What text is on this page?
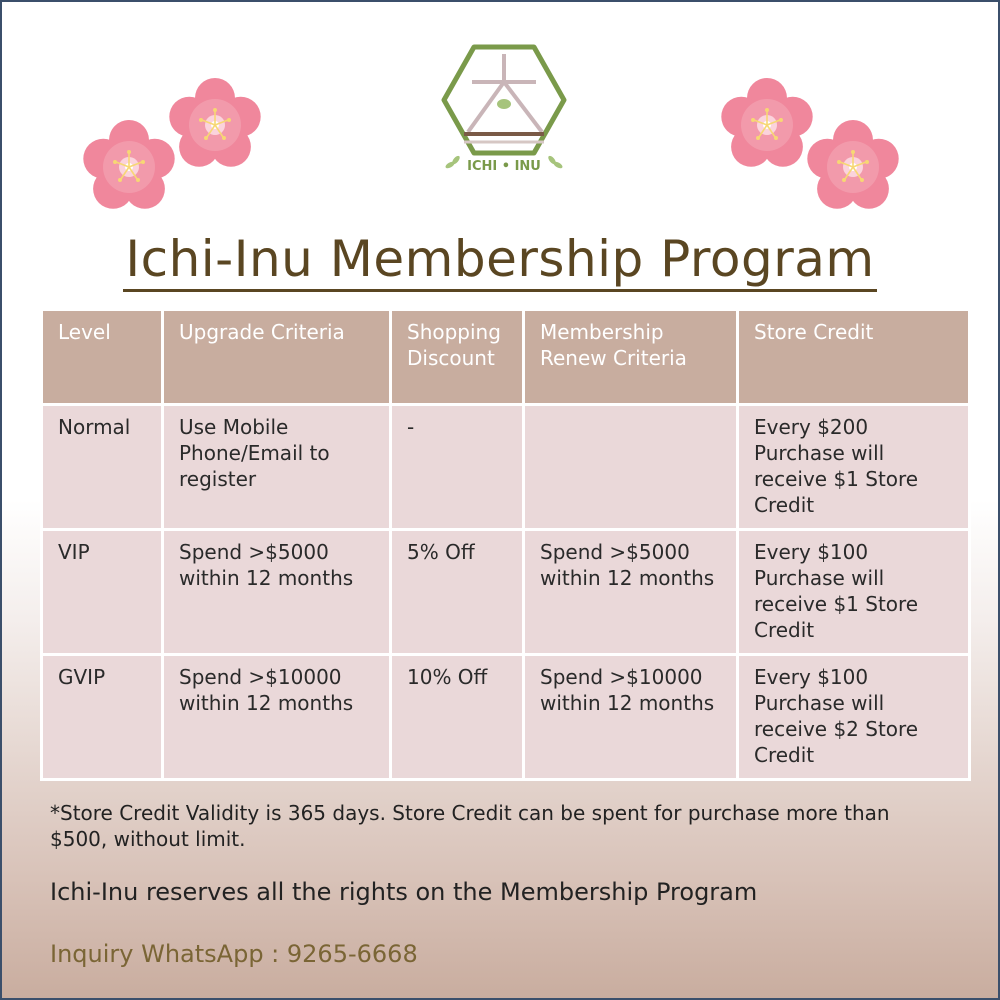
ICHI • INU
Ichi-Inu Membership Program
Level	Upgrade Criteria	Shopping Discount	Membership Renew Criteria	Store Credit
Normal	Use Mobile Phone/Email to register	-		Every $200 Purchase will receive $1 Store Credit
VIP	Spend >$5000 within 12 months	5% Off	Spend >$5000 within 12 months	Every $100 Purchase will receive $1 Store Credit
GVIP	Spend >$10000 within 12 months	10% Off	Spend >$10000 within 12 months	Every $100 Purchase will receive $2 Store Credit
*Store Credit Validity is 365 days. Store Credit can be spent for purchase more than $500, without limit.
Ichi-Inu reserves all the rights on the Membership Program
Inquiry WhatsApp : 9265-6668
